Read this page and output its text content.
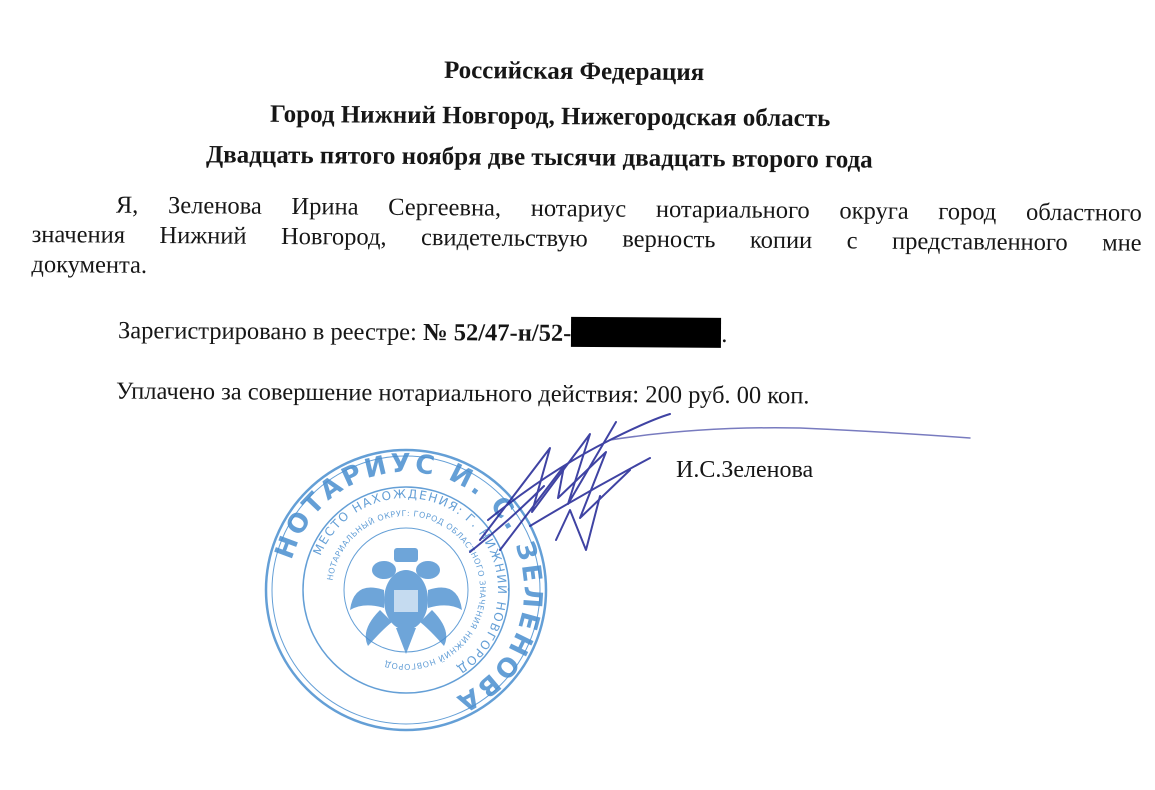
Российская Федерация
Город Нижний Новгород, Нижегородская область
Двадцать пятого ноября две тысячи двадцать второго года
Я, Зеленова Ирина Сергеевна, нотариус нотариального округа город областного
значения Нижний Новгород, свидетельствую верность копии с представленного мне
документа.
Зарегистрировано в реестре: № 52/47-н/52-	.
Уплачено за совершение нотариального действия: 200 руб. 00 коп.
НОТАРИУС И. С. ЗЕЛЕНОВА
МЕСТО НАХОЖДЕНИЯ: Г. НИЖНИЙ НОВГОРОД
НОТАРИАЛЬНЫЙ ОКРУГ: ГОРОД ОБЛАСТНОГО ЗНАЧЕНИЯ НИЖНИЙ НОВГОРОД
И.С.Зеленова
